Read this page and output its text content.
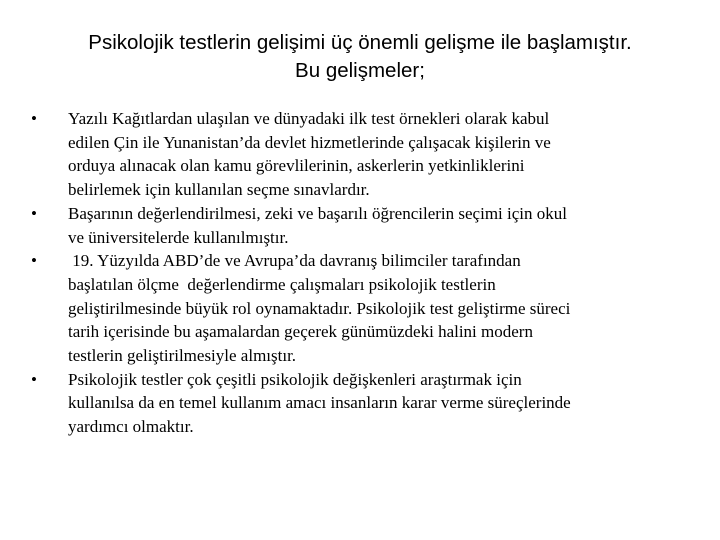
Psikolojik testlerin gelişimi üç önemli gelişme ile başlamıştır.
Bu gelişmeler;
• Yazılı Kağıtlardan ulaşılan ve dünyadaki ilk test örnekleri olarak kabul
edilen Çin ile Yunanistan’da devlet hizmetlerinde çalışacak kişilerin ve
orduya alınacak olan kamu görevlilerinin, askerlerin yetkinliklerini
belirlemek için kullanılan seçme sınavlardır.
• Başarının değerlendirilmesi, zeki ve başarılı öğrencilerin seçimi için okul
ve üniversitelerde kullanılmıştır.
• 19. Yüzyılda ABD’de ve Avrupa’da davranış bilimciler tarafından
başlatılan ölçme  değerlendirme çalışmaları psikolojik testlerin
geliştirilmesinde büyük rol oynamaktadır. Psikolojik test geliştirme süreci
tarih içerisinde bu aşamalardan geçerek günümüzdeki halini modern
testlerin geliştirilmesiyle almıştır.
• Psikolojik testler çok çeşitli psikolojik değişkenleri araştırmak için
kullanılsa da en temel kullanım amacı insanların karar verme süreçlerinde
yardımcı olmaktır.
